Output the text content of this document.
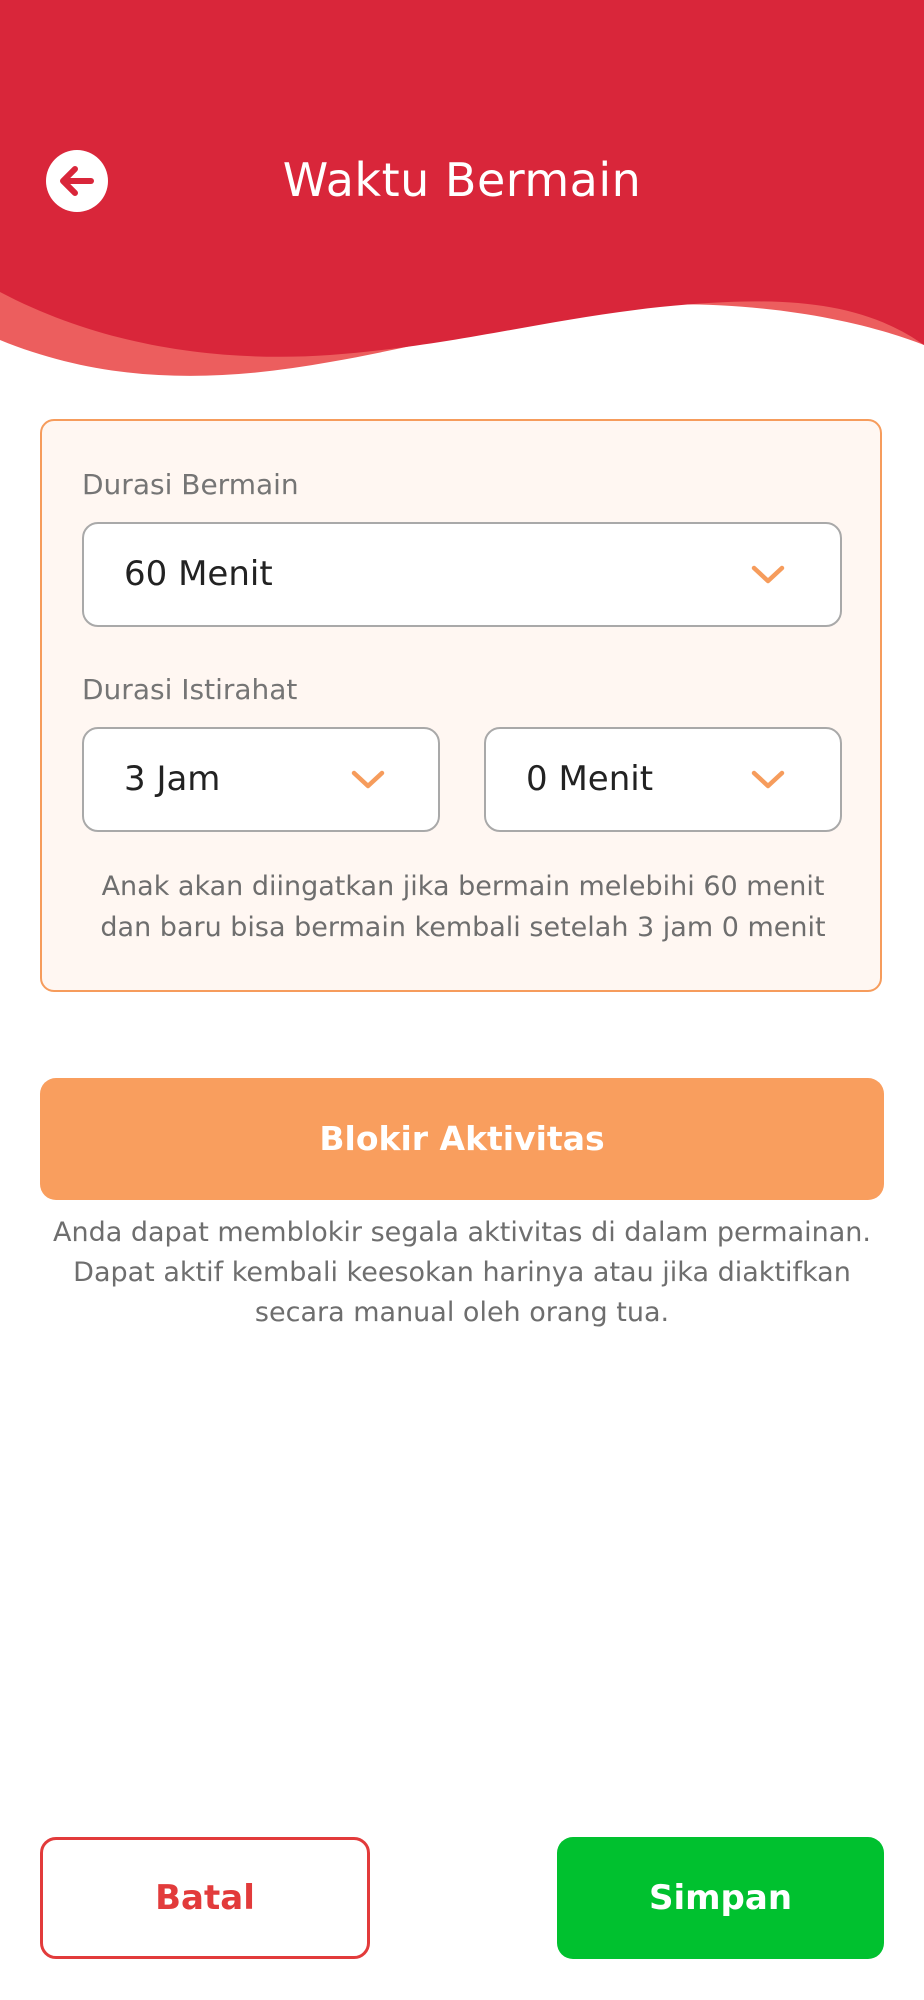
Waktu Bermain
Durasi Bermain
60 Menit
Durasi Istirahat
3 Jam	0 Menit
Anak akan diingatkan jika bermain melebihi 60 menit
dan baru bisa bermain kembali setelah 3 jam 0 menit
Blokir Aktivitas
Anda dapat memblokir segala aktivitas di dalam permainan.
Dapat aktif kembali keesokan harinya atau jika diaktifkan
secara manual oleh orang tua.
Batal	Simpan
